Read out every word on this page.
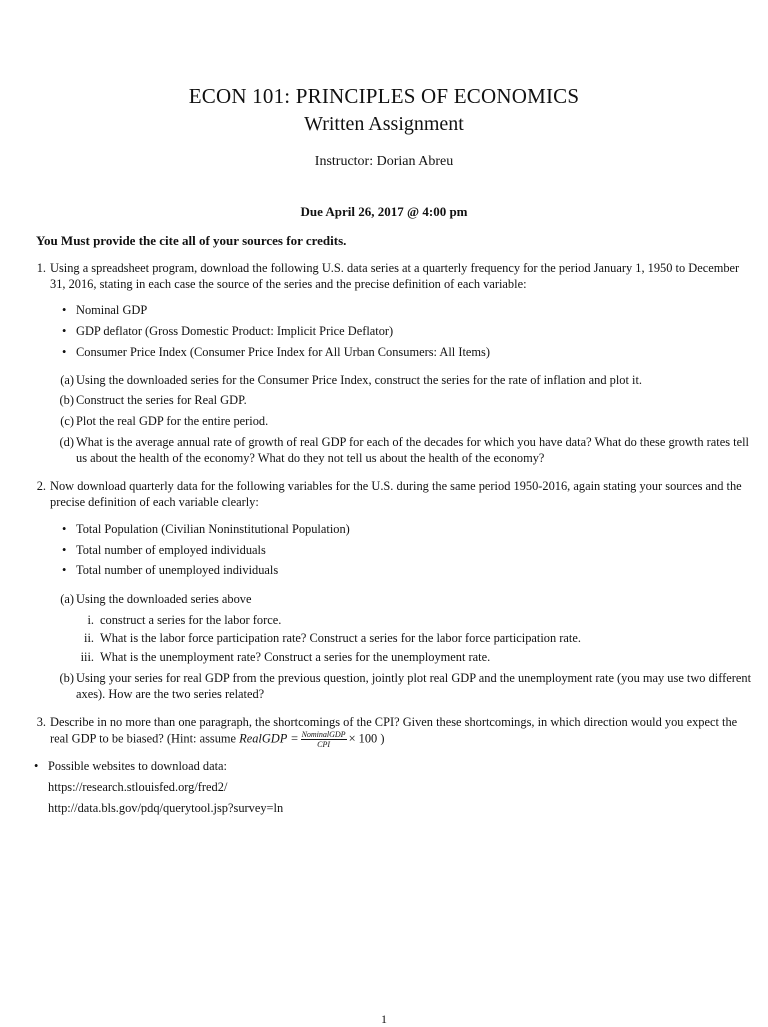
ECON 101: PRINCIPLES OF ECONOMICS
Written Assignment
Instructor: Dorian Abreu
Due April 26, 2017 @ 4:00 pm
You Must provide the cite all of your sources for credits.
1. Using a spreadsheet program, download the following U.S. data series at a quarterly frequency for the period January 1, 1950 to December 31, 2016, stating in each case the source of the series and the precise definition of each variable:
• Nominal GDP
• GDP deflator (Gross Domestic Product: Implicit Price Deflator)
• Consumer Price Index (Consumer Price Index for All Urban Consumers: All Items)
(a) Using the downloaded series for the Consumer Price Index, construct the series for the rate of inflation and plot it.
(b) Construct the series for Real GDP.
(c) Plot the real GDP for the entire period.
(d) What is the average annual rate of growth of real GDP for each of the decades for which you have data? What do these growth rates tell us about the health of the economy? What do they not tell us about the health of the economy?
2. Now download quarterly data for the following variables for the U.S. during the same period 1950-2016, again stating your sources and the precise definition of each variable clearly:
• Total Population (Civilian Noninstitutional Population)
• Total number of employed individuals
• Total number of unemployed individuals
(a) Using the downloaded series above
i. construct a series for the labor force.
ii. What is the labor force participation rate? Construct a series for the labor force participation rate.
iii. What is the unemployment rate? Construct a series for the unemployment rate.
(b) Using your series for real GDP from the previous question, jointly plot real GDP and the unemployment rate (you may use two different axes). How are the two series related?
3. Describe in no more than one paragraph, the shortcomings of the CPI? Given these shortcomings, in which direction would you expect the real GDP to be biased? (Hint: assume RealGDP = $\frac{\text{NominalGDP}}{\text{CPI}} \times 100$ )
• Possible websites to download data:
https://research.stlouisfed.org/fred2/
http://data.bls.gov/pdq/querytool.jsp?survey=ln
1
